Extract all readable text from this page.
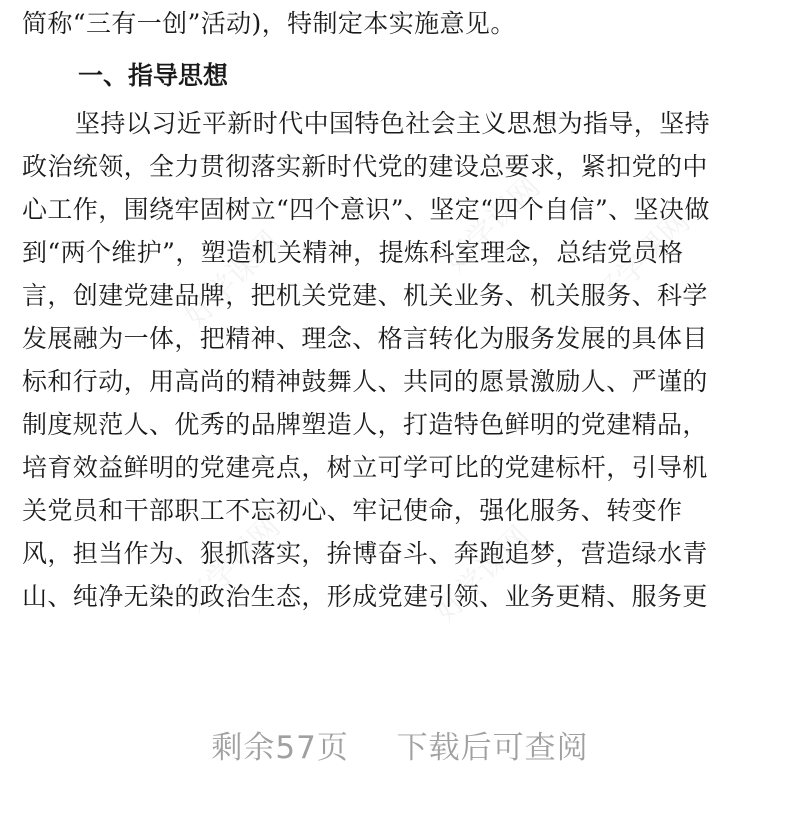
好学课网
好学课网 好学课网
好学课网	好学课网
简称“三有一创”活动)，特制定本实施意见。
一、指导思想
坚持以习近平新时代中国特色社会主义思想为指导，坚持
政治统领，全力贯彻落实新时代党的建设总要求，紧扣党的中
心工作，围绕牢固树立“四个意识”、坚定“四个自信”、坚决做
到“两个维护”，塑造机关精神，提炼科室理念，总结党员格
言，创建党建品牌，把机关党建、机关业务、机关服务、科学
发展融为一体，把精神、理念、格言转化为服务发展的具体目
标和行动，用高尚的精神鼓舞人、共同的愿景激励人、严谨的
制度规范人、优秀的品牌塑造人，打造特色鲜明的党建精品，
培育效益鲜明的党建亮点，树立可学可比的党建标杆，引导机
关党员和干部职工不忘初心、牢记使命，强化服务、转变作
风，担当作为、狠抓落实，拚博奋斗、奔跑追梦，营造绿水青
山、纯净无染的政治生态，形成党建引领、业务更精、服务更
剩余57页 下载后可查阅
